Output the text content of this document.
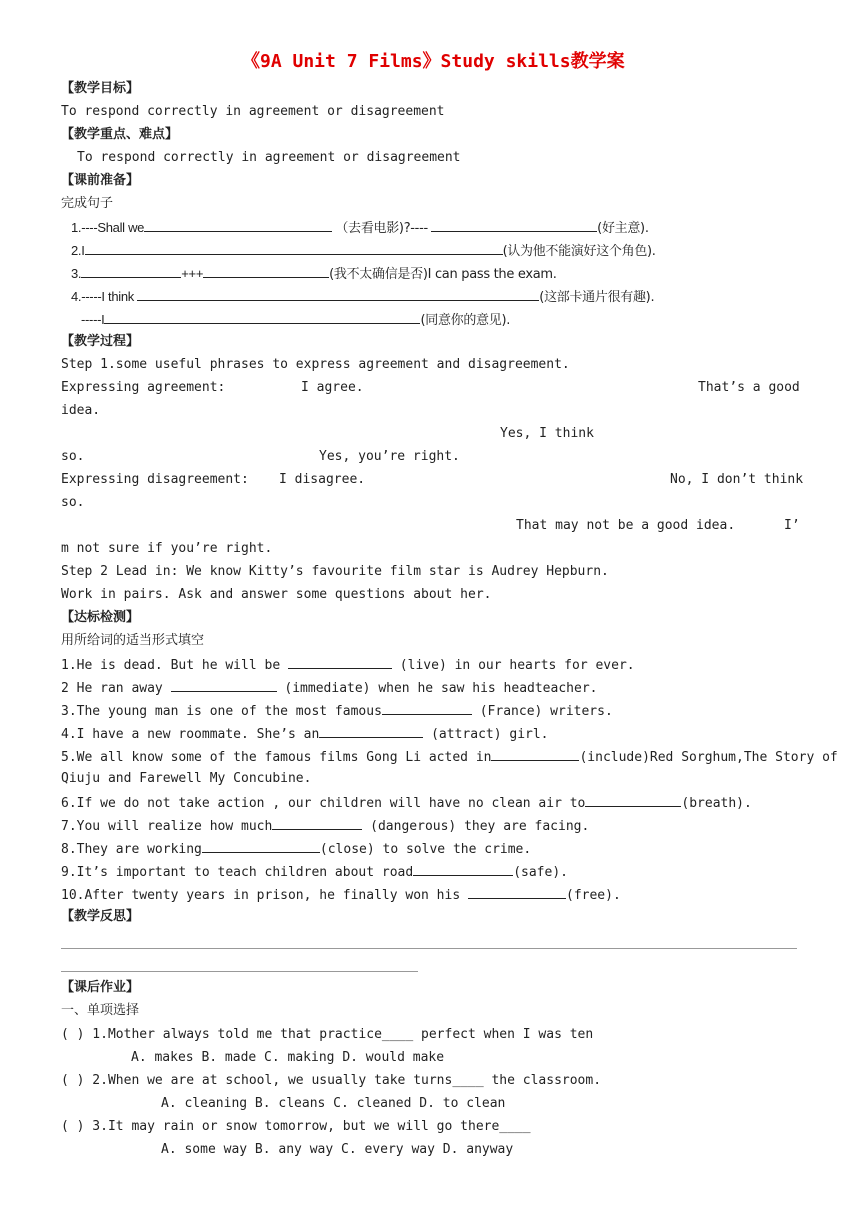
《9A Unit 7 Films》Study skills教学案
【教学目标】
To respond correctly in agreement or disagreement
【教学重点、难点】
To respond correctly in agreement or disagreement
【课前准备】
完成句子
1.----Shall we	（去看电影)?----	(好主意).
2.I	(认为他不能演好这个角色).
3.	+++	(我不太确信是否)I can pass the exam.
4.-----I think	(这部卡通片很有趣).
-----I	(同意你的意见).
【教学过程】
Step 1.some useful phrases to express agreement and disagreement.
Expressing agreement:	I agree.	That’s a good
idea.
Yes, I think
so.	Yes, you’re right.
Expressing disagreement: I disagree.	No, I don’t think
so.
That may not be a good idea.	I’
m not sure if you’re right.
Step 2 Lead in: We know Kitty’s favourite film star is Audrey Hepburn.
Work in pairs. Ask and answer some questions about her.
【达标检测】
用所给词的适当形式填空
1.He is dead. But he will be	(live) in our hearts for ever.
2 He ran away	(immediate) when he saw his headteacher.
3.The young man is one of the most famous	(France) writers.
4.I have a new roommate. She’s an	(attract) girl.
5.We all know some of the famous films Gong Li acted in	(include)Red Sorghum,The Story of
Qiuju and Farewell My Concubine.
6.If we do not take action , our children will have no clean air to	(breath).
7.You will realize how much	(dangerous) they are facing.
8.They are working	(close) to solve the crime.
9.It’s important to teach children about road	(safe).
10.After twenty years in prison, he finally won his	(free).
【教学反思】
【课后作业】
一、单项选择
( ) 1.Mother always told me that practice____ perfect when I was ten
A. makes B. made C. making D. would make
( ) 2.When we are at school, we usually take turns____ the classroom.
A. cleaning B. cleans C. cleaned D. to clean
( ) 3.It may rain or snow tomorrow, but we will go there____
A. some way B. any way C. every way D. anyway
